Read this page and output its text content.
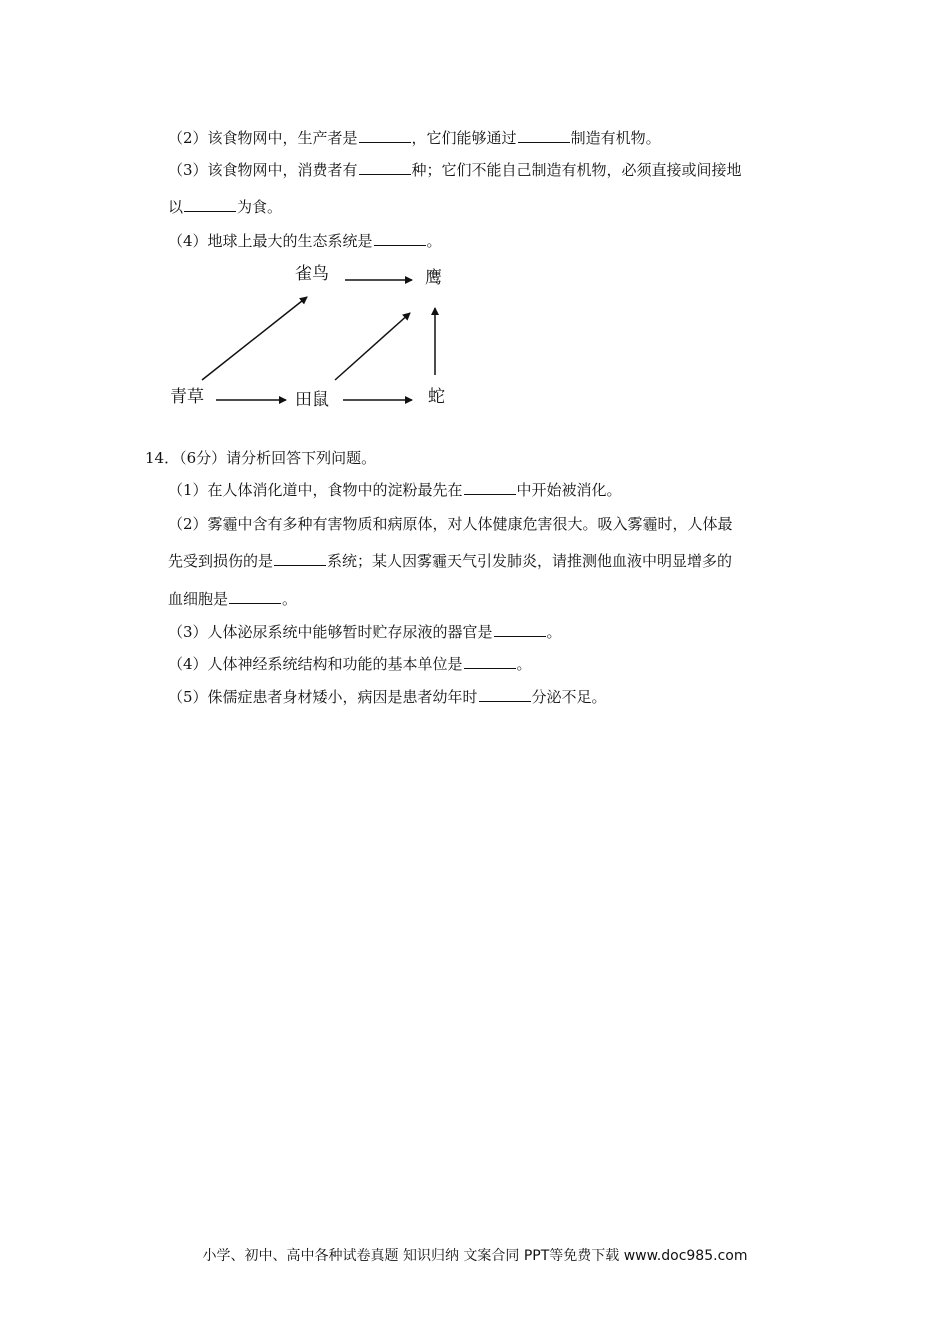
（2）该食物网中，生产者是	，它们能够通过	制造有机物。
（3）该食物网中，消费者有	种；它们不能自己制造有机物，必须直接或间接地
以	为食。
（4）地球上最大的生态系统是	。
雀鸟	鹰
青草	田鼠	蛇
14．（6分）请分析回答下列问题。
（1）在人体消化道中，食物中的淀粉最先在	中开始被消化。
（2）雾霾中含有多种有害物质和病原体，对人体健康危害很大。吸入雾霾时，人体最
先受到损伤的是	系统；某人因雾霾天气引发肺炎，请推测他血液中明显增多的
血细胞是	。
（3）人体泌尿系统中能够暂时贮存尿液的器官是	。
（4）人体神经系统结构和功能的基本单位是	。
（5）侏儒症患者身材矮小，病因是患者幼年时	分泌不足。
小学、初中、高中各种试卷真题 知识归纳 文案合同 PPT等免费下载 www.doc985.com
